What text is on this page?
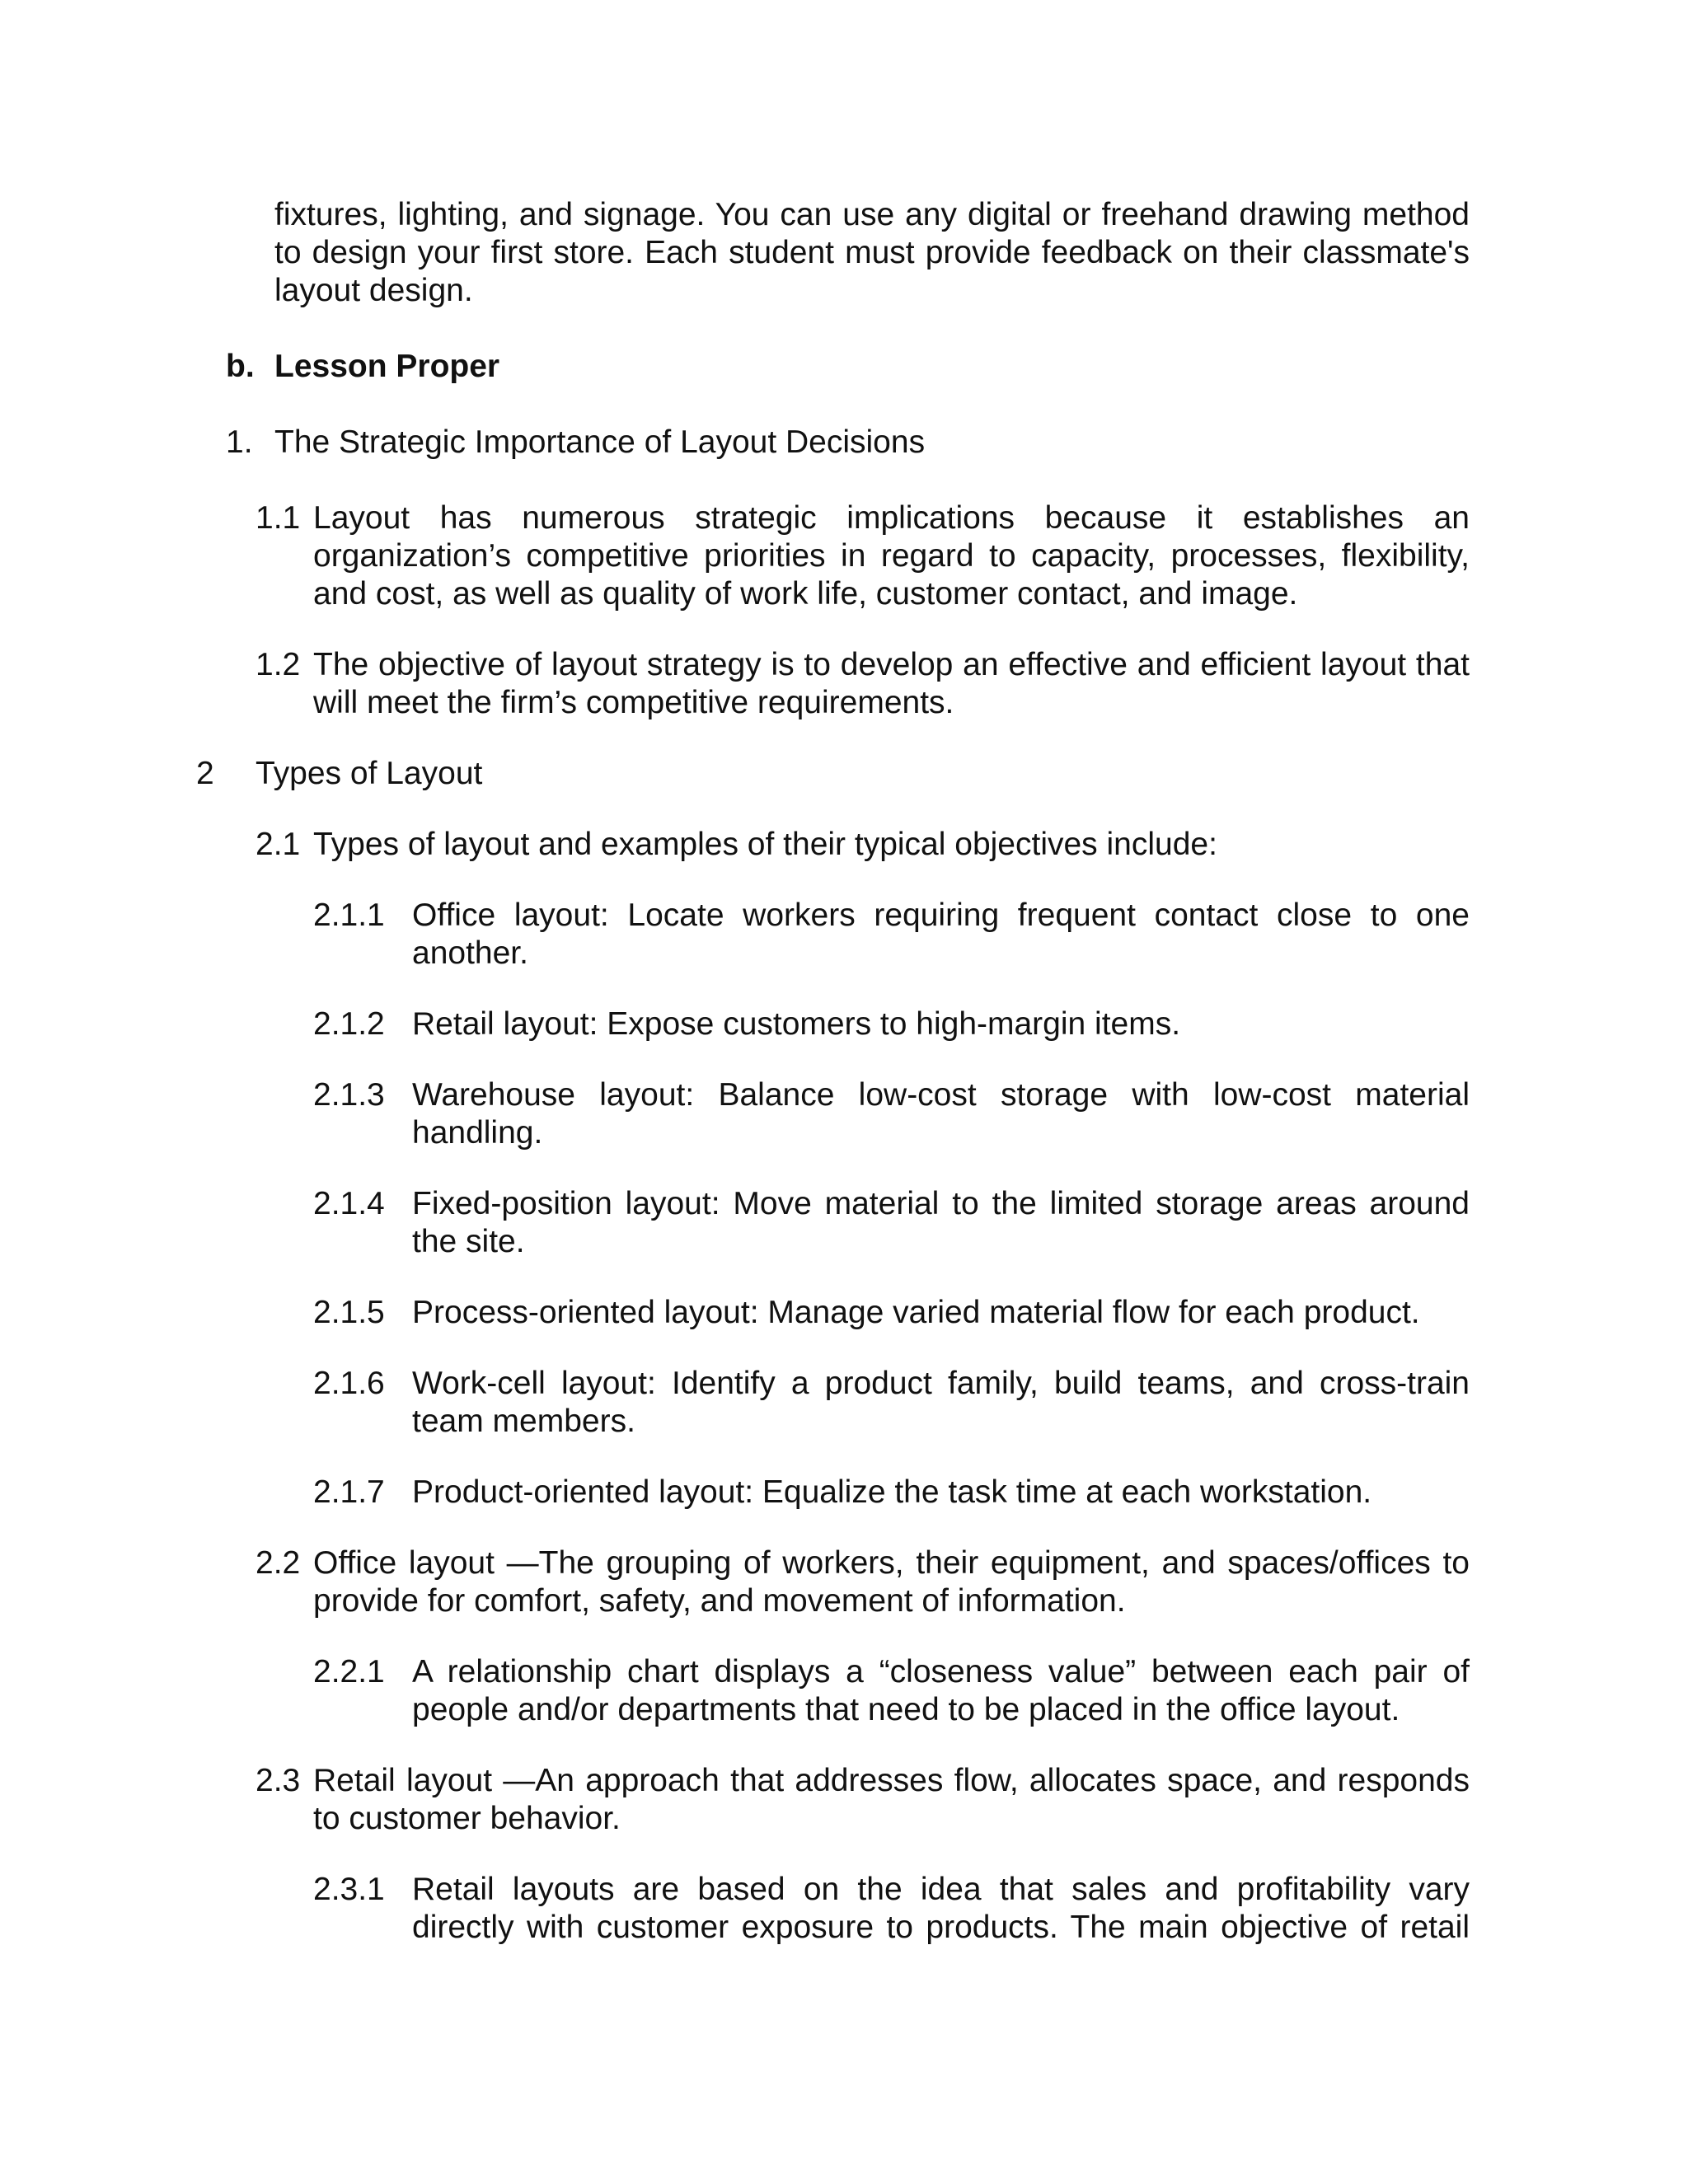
fixtures, lighting, and signage. You can use any digital or freehand drawing method to design your first store. Each student must provide feedback on their classmate's layout design.

b. Lesson Proper
1. The Strategic Importance of Layout Decisions
1.1 Layout has numerous strategic implications because it establishes an organization’s competitive priorities in regard to capacity, processes, flexibility, and cost, as well as quality of work life, customer contact, and image.

1.2 The objective of layout strategy is to develop an effective and efficient layout that will meet the firm’s competitive requirements.

2 Types of Layout
2.1 Types of layout and examples of their typical objectives include:

2.1.1 Office layout: Locate workers requiring frequent contact close to one another.

2.1.2 Retail layout: Expose customers to high-margin items.

2.1.3 Warehouse layout: Balance low-cost storage with low-cost material handling.

2.1.4 Fixed-position layout: Move material to the limited storage areas around the site.

2.1.5 Process-oriented layout: Manage varied material flow for each product.

2.1.6 Work-cell layout: Identify a product family, build teams, and cross-train team members.

2.1.7 Product-oriented layout: Equalize the task time at each workstation.

2.2 Office layout —The grouping of workers, their equipment, and spaces/offices to provide for comfort, safety, and movement of information.

2.2.1 A relationship chart displays a “closeness value” between each pair of people and/or departments that need to be placed in the office layout.

2.3 Retail layout —An approach that addresses flow, allocates space, and responds to customer behavior.

2.3.1 Retail layouts are based on the idea that sales and profitability vary directly with customer exposure to products. The main objective of retail
